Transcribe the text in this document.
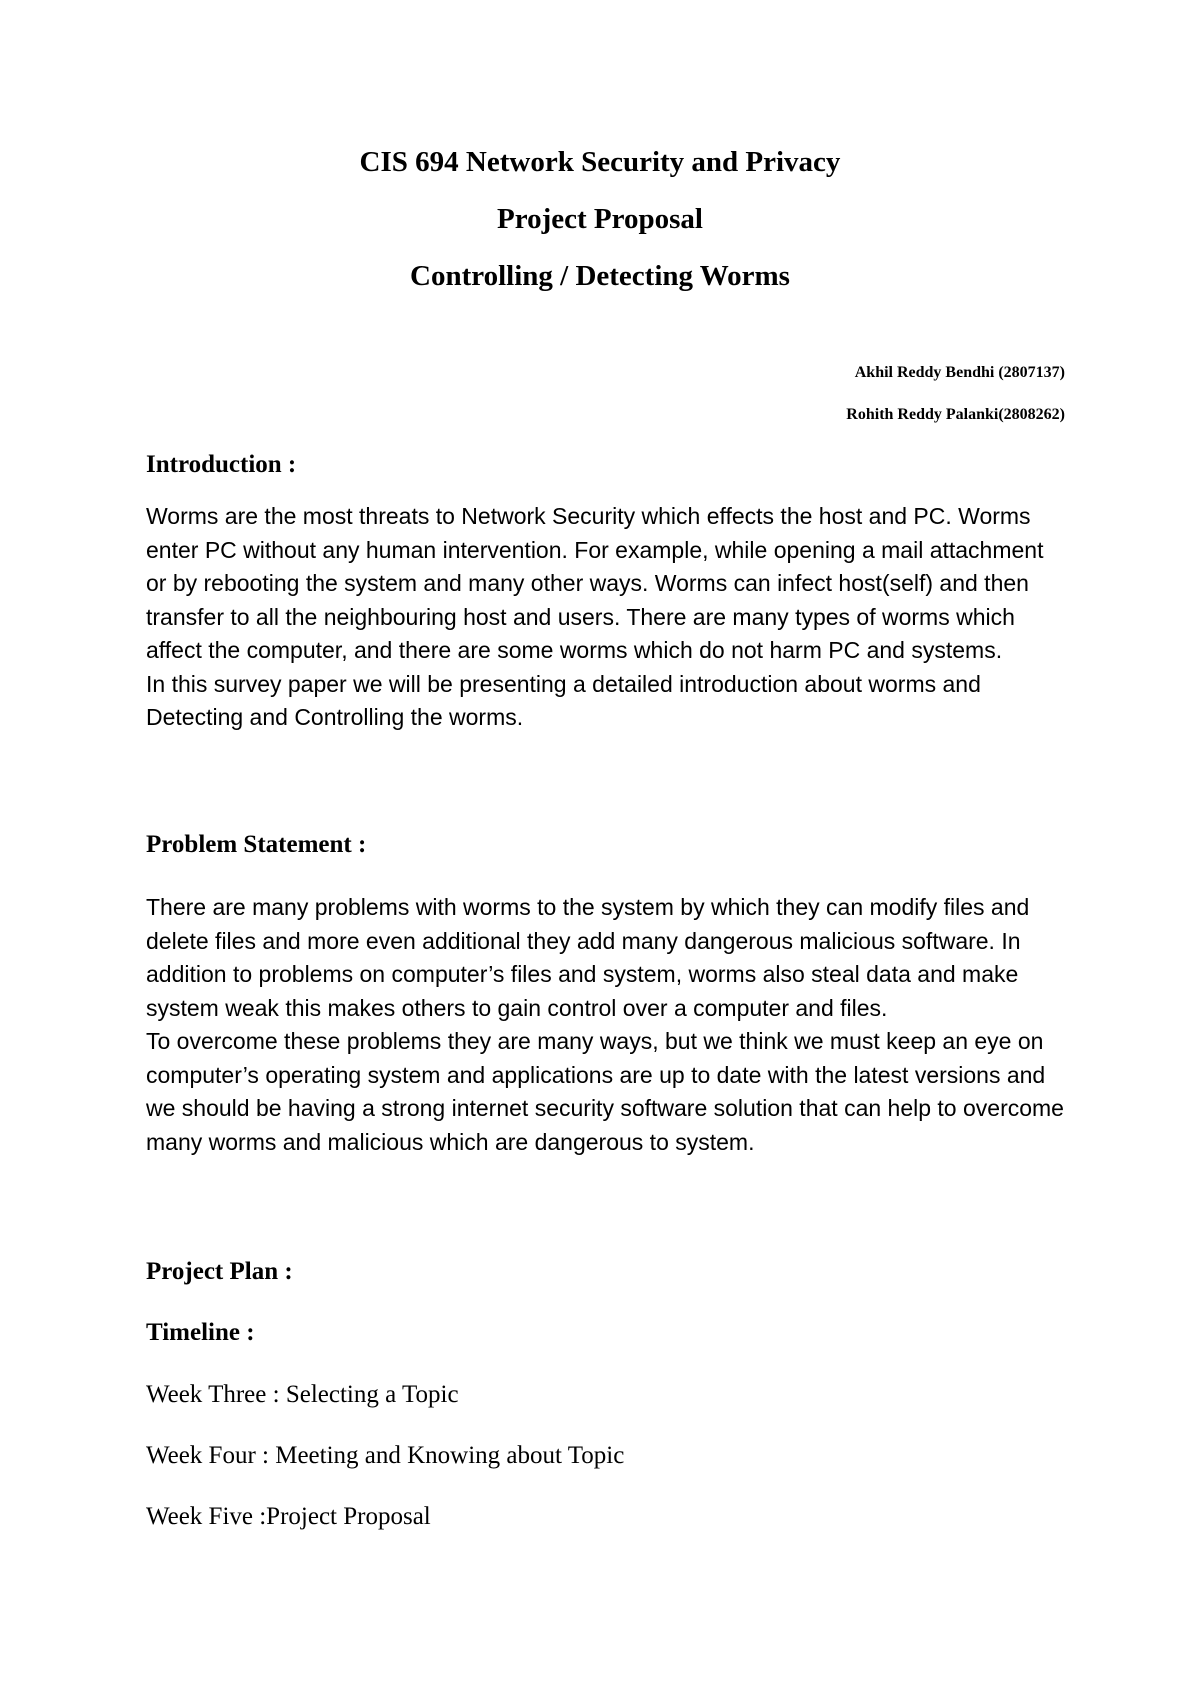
CIS 694 Network Security and Privacy
Project Proposal
Controlling / Detecting Worms
Akhil Reddy Bendhi (2807137)
Rohith Reddy Palanki(2808262)
Introduction :

Worms are the most threats to Network Security which effects the host and PC. Worms enter PC without any human intervention. For example, while opening a mail attachment or by rebooting the system and many other ways. Worms can infect host(self) and then transfer to all the neighbouring host and users. There are many types of worms which affect the computer, and there are some worms which do not harm PC and systems.

In this survey paper we will be presenting a detailed introduction about worms and Detecting and Controlling the worms.

Problem Statement :

There are many problems with worms to the system by which they can modify files and delete files and more even additional they add many dangerous malicious software. In addition to problems on computer’s files and system, worms also steal data and make system weak this makes others to gain control over a computer and files.

To overcome these problems they are many ways, but we think we must keep an eye on computer’s operating system and applications are up to date with the latest versions and we should be having a strong internet security software solution that can help to overcome many worms and malicious which are dangerous to system.

Project Plan :
Timeline :
Week Three : Selecting a Topic
Week Four : Meeting and Knowing about Topic
Week Five :Project Proposal
